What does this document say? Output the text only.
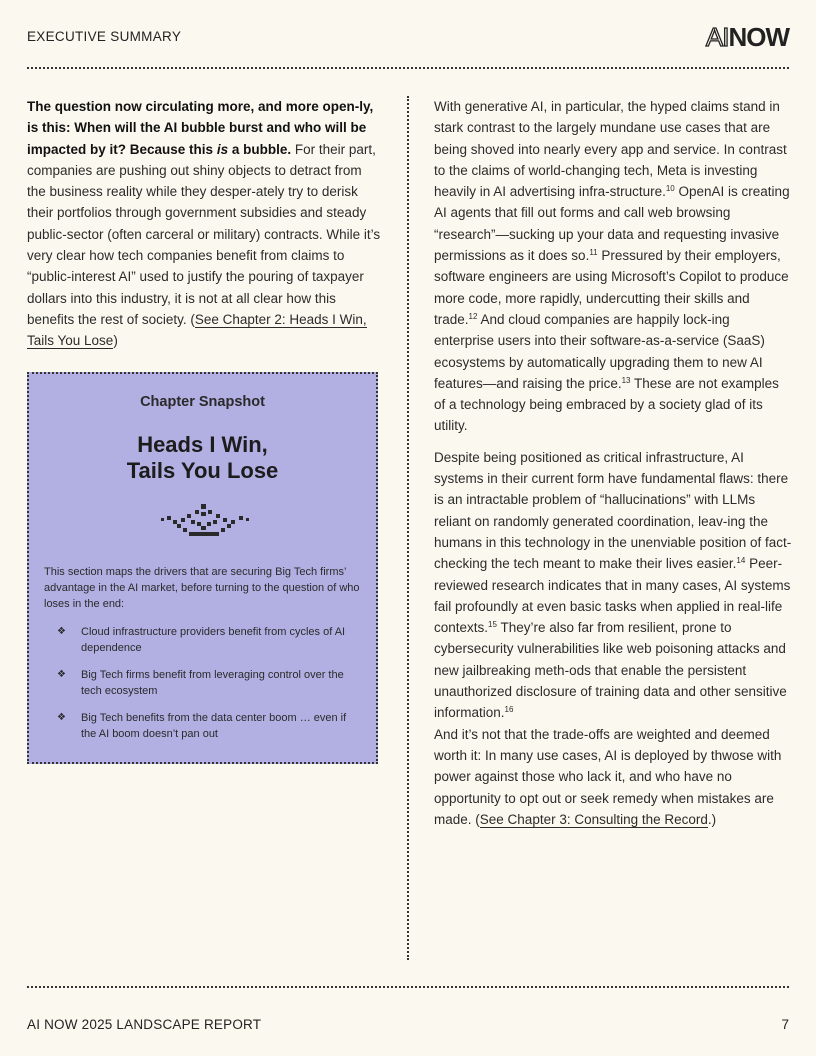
EXECUTIVE SUMMARY	AINOW

The question now circulating more, and more open-ly, is this: When will the AI bubble burst and who will be impacted by it? Because this is a bubble. For their part, companies are pushing out shiny objects to detract from the business reality while they desper-ately try to derisk their portfolios through government subsidies and steady public-sector (often carceral or military) contracts. While it’s very clear how tech companies benefit from claims to “public-interest AI” used to justify the pouring of taxpayer dollars into this industry, it is not at all clear how this benefits the rest of society. (See Chapter 2: Heads I Win, Tails You Lose)

Chapter Snapshot
Heads I Win,
Tails You Lose

This section maps the drivers that are securing Big Tech firms’ advantage in the AI market, before turning to the question of who loses in the end:

❖ Cloud infrastructure providers benefit from cycles of AI dependence
❖ Big Tech firms benefit from leveraging control over the tech ecosystem
❖ Big Tech benefits from the data center boom … even if the AI boom doesn’t pan out

With generative AI, in particular, the hyped claims stand in stark contrast to the largely mundane use cases that are being shoved into nearly every app and service. In contrast to the claims of world-changing tech, Meta is investing heavily in AI advertising infra-structure.$^{10}$ OpenAI is creating AI agents that fill out forms and call web browsing “research”—sucking up your data and requesting invasive permissions as it does so.$^{11}$ Pressured by their employers, software engineers are using Microsoft’s Copilot to produce more code, more rapidly, undercutting their skills and trade.$^{12}$ And cloud companies are happily lock-ing enterprise users into their software-as-a-service (SaaS) ecosystems by automatically upgrading them to new AI features—and raising the price.$^{13}$ These are not examples of a technology being embraced by a society glad of its utility.

Despite being positioned as critical infrastructure, AI systems in their current form have fundamental flaws: there is an intractable problem of “hallucinations” with LLMs reliant on randomly generated coordination, leav-ing the humans in this technology in the unenviable position of fact-checking the tech meant to make their lives easier.$^{14}$ Peer-reviewed research indicates that in many cases, AI systems fail profoundly at even basic tasks when applied in real-life contexts.$^{15}$ They’re also far from resilient, prone to cybersecurity vulnerabilities like web poisoning attacks and new jailbreaking meth-ods that enable the persistent unauthorized disclosure of training data and other sensitive information.$^{16}$

And it’s not that the trade-offs are weighted and deemed worth it: In many use cases, AI is deployed by thwose with power against those who lack it, and who have no opportunity to opt out or seek remedy when mistakes are made. (See Chapter 3: Consulting the Record.)

AI NOW 2025 LANDSCAPE REPORT	7
